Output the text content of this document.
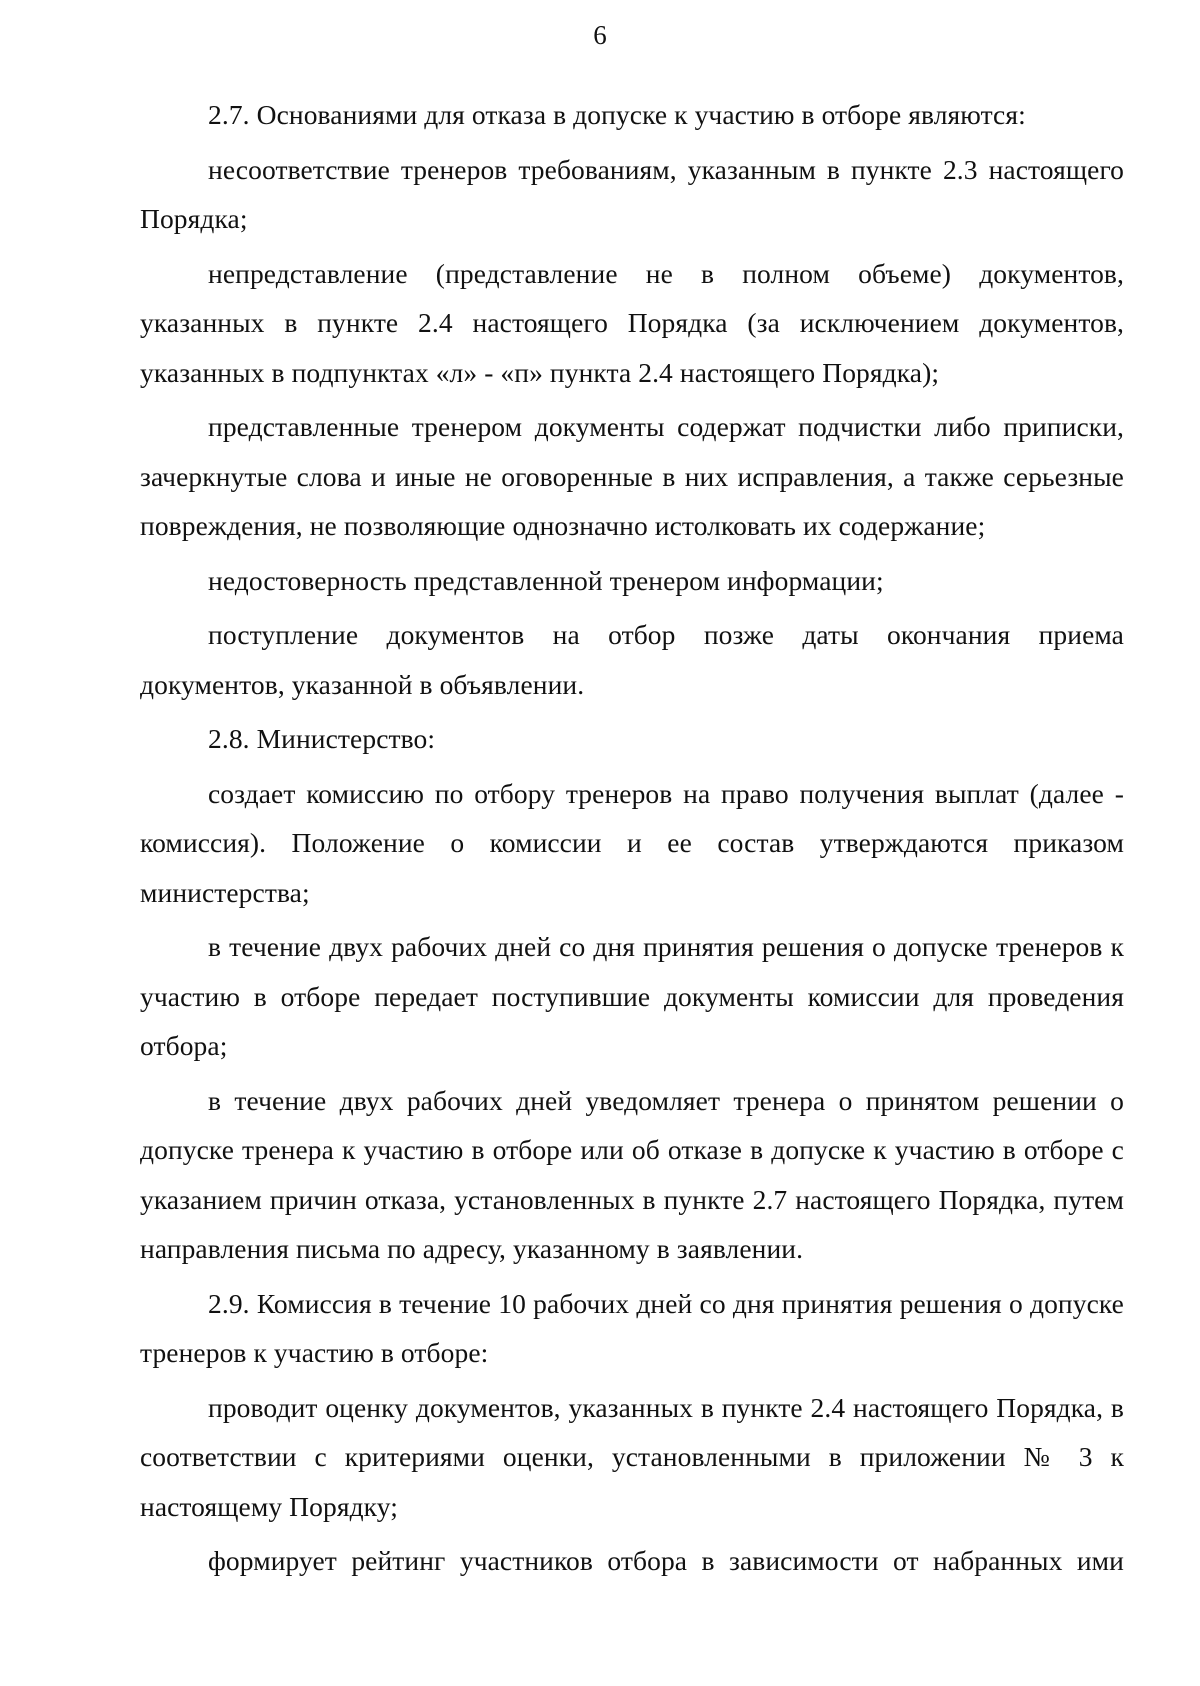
6

2.7. Основаниями для отказа в допуске к участию в отборе являются:

несоответствие тренеров требованиям, указанным в пункте 2.3 настоящего Порядка;

непредставление (представление не в полном объеме) документов, указанных в пункте 2.4 настоящего Порядка (за исключением документов, указанных в подпунктах «л» - «п» пункта 2.4 настоящего Порядка);

представленные тренером документы содержат подчистки либо приписки, зачеркнутые слова и иные не оговоренные в них исправления, а также серьезные повреждения, не позволяющие однозначно истолковать их содержание;

недостоверность представленной тренером информации;

поступление документов на отбор позже даты окончания приема документов, указанной в объявлении.

2.8. Министерство:

создает комиссию по отбору тренеров на право получения выплат (далее - комиссия). Положение о комиссии и ее состав утверждаются приказом министерства;

в течение двух рабочих дней со дня принятия решения о допуске тренеров к участию в отборе передает поступившие документы комиссии для проведения отбора;

в течение двух рабочих дней уведомляет тренера о принятом решении о допуске тренера к участию в отборе или об отказе в допуске к участию в отборе с указанием причин отказа, установленных в пункте 2.7 настоящего Порядка, путем направления письма по адресу, указанному в заявлении.

2.9. Комиссия в течение 10 рабочих дней со дня принятия решения о допуске тренеров к участию в отборе:

проводит оценку документов, указанных в пункте 2.4 настоящего Порядка, в соответствии с критериями оценки, установленными в приложении № 3 к настоящему Порядку;

формирует рейтинг участников отбора в зависимости от набранных ими
